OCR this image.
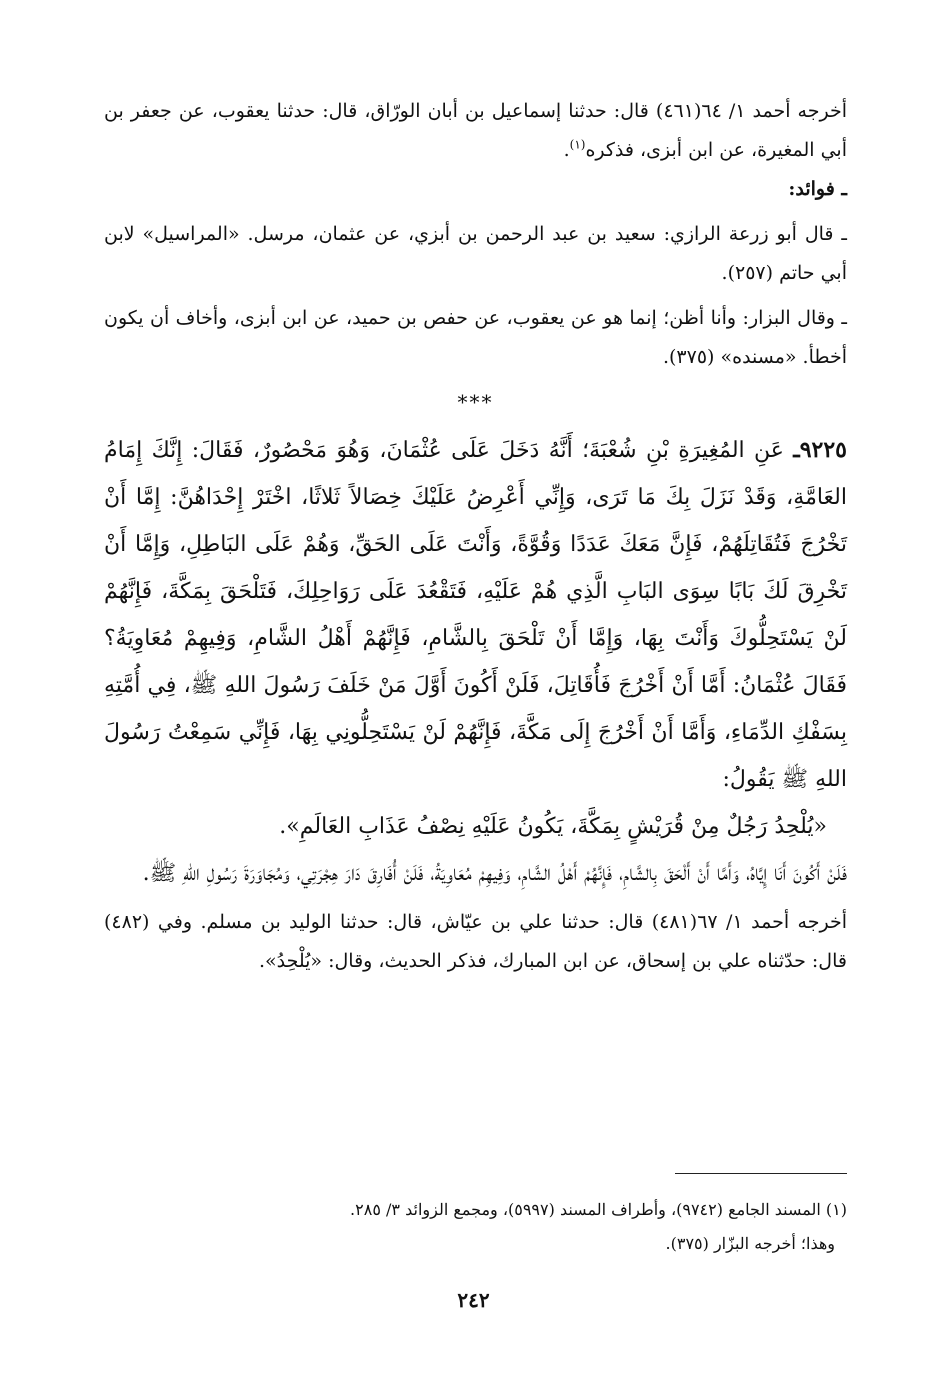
أخرجه أحمد ١/ ٦٤(٤٦١) قال: حدثنا إسماعيل بن أبان الورّاق، قال: حدثنا يعقوب، عن جعفر بن أبي المغيرة، عن ابن أبزى، فذكره$^{(١)}$.

ـ فوائد:

ـ قال أبو زرعة الرازي: سعيد بن عبد الرحمن بن أبزي، عن عثمان، مرسل. «المراسيل» لابن أبي حاتم (٢٥٧).

ـ وقال البزار: وأنا أظن؛ إنما هو عن يعقوب، عن حفص بن حميد، عن ابن أبزى، وأخاف أن يكون أخطأ. «مسنده» (٣٧٥).

***

٩٢٢٥ـ عَنِ المُغِيرَةِ بْنِ شُعْبَةَ؛ أَنَّهُ دَخَلَ عَلَى عُثْمَانَ، وَهُوَ مَحْصُورٌ، فَقَالَ: إِنَّكَ إِمَامُ العَامَّةِ، وَقَدْ نَزَلَ بِكَ مَا تَرَى، وَإِنِّي أَعْرِضُ عَلَيْكَ خِصَالاً ثَلاثًا، اخْتَرْ إِحْدَاهُنَّ: إِمَّا أَنْ تَخْرُجَ فَتُقَاتِلَهُمْ، فَإِنَّ مَعَكَ عَدَدًا وَقُوَّةً، وَأَنْتَ عَلَى الحَقِّ، وَهُمْ عَلَى البَاطِلِ، وَإِمَّا أَنْ تَخْرِقَ لَكَ بَابًا سِوَى البَابِ الَّذِي هُمْ عَلَيْهِ، فَتَقْعُدَ عَلَى رَوَاحِلِكَ، فَتَلْحَقَ بِمَكَّةَ، فَإِنَّهُمْ لَنْ يَسْتَحِلُّوكَ وَأَنْتَ بِهَا، وَإِمَّا أَنْ تَلْحَقَ بِالشَّامِ، فَإِنَّهُمْ أَهْلُ الشَّامِ، وَفِيهِمْ مُعَاوِيَةُ؟ فَقَالَ عُثْمَانُ: أَمَّا أَنْ أَخْرُجَ فَأُقَاتِلَ، فَلَنْ أَكُونَ أَوَّلَ مَنْ خَلَفَ رَسُولَ اللهِ ﷺ، فِي أُمَّتِهِ بِسَفْكِ الدِّمَاءِ، وَأَمَّا أَنْ أَخْرُجَ إِلَى مَكَّةَ، فَإِنَّهُمْ لَنْ يَسْتَحِلُّونِي بِهَا، فَإِنِّي سَمِعْتُ رَسُولَ اللهِ ﷺ يَقُولُ:

«يُلْحِدُ رَجُلٌ مِنْ قُرَيْشٍ بِمَكَّةَ، يَكُونُ عَلَيْهِ نِصْفُ عَذَابِ العَالَمِ».

فَلَنْ أَكُونَ أَنَا إِيَّاهُ، وَأَمَّا أَنْ أَلْحَقَ بِالشَّامِ، فَإِنَّهُمْ أَهْلُ الشَّامِ، وَفِيهِمْ مُعَاوِيَةُ، فَلَنْ أُفَارِقَ دَارَ هِجْرَتِي، وَمُجَاوَرَةَ رَسُولِ اللهِ ﷺ.

أخرجه أحمد ١/ ٦٧(٤٨١) قال: حدثنا علي بن عيّاش، قال: حدثنا الوليد بن مسلم. وفي (٤٨٢) قال: حدّثناه علي بن إسحاق، عن ابن المبارك، فذكر الحديث، وقال: «يُلْحِدُ».

(١) المسند الجامع (٩٧٤٢)، وأطراف المسند (٥٩٩٧)، ومجمع الزوائد ٣/ ٢٨٥.

وهذا؛ أخرجه البزّار (٣٧٥).

٢٤٢
